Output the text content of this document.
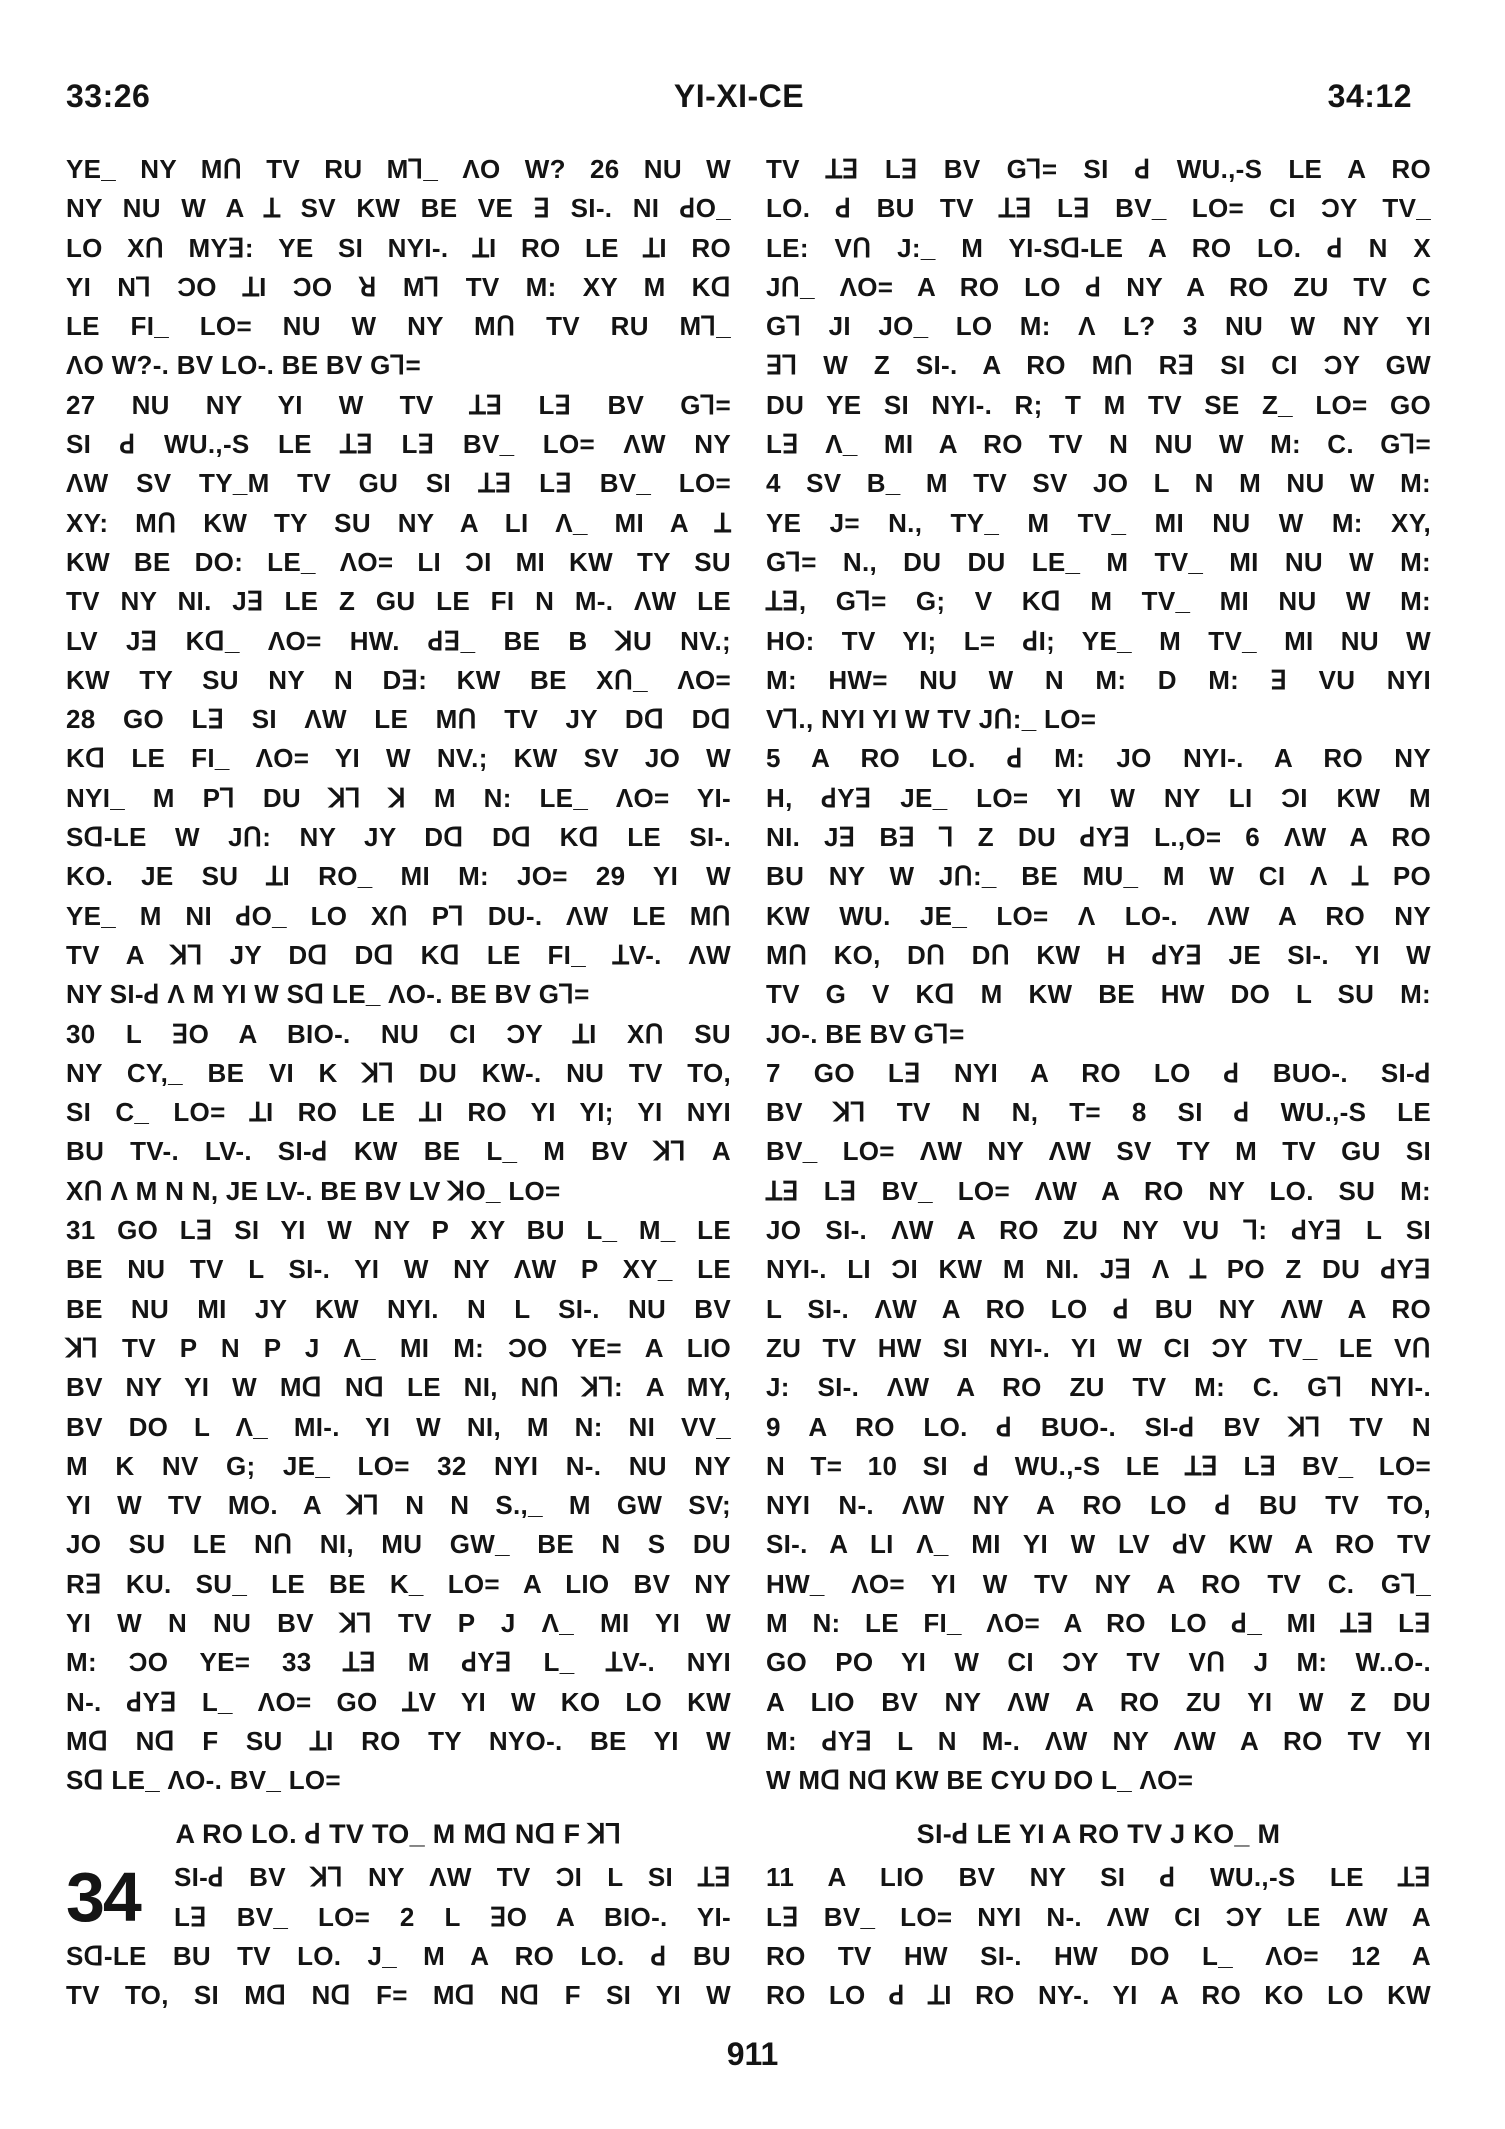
33:26	YI-XI-CE	34:12
YE_ NY MՈ TV RU Mꓶ_ ΛO W? 26 NU W
NY NU W A ꓕ SV KW BE VE ꓱ SI-. NI ꓒO_
LO XՈ MYꓱ: YE SI NYI-. ꓕI RO LE ꓕI RO
YI Nꓶ ϽO ꓕI ϽO ꓤ Mꓶ TV M: XY M Kꓷ
LE FI_ LO= NU W NY MՈ TV RU Mꓶ_
ΛO W?-. BV LO-. BE BV Gꓶ=
27 NU NY YI W TV ꓕꓱ Lꓱ BV Gꓶ=
SI ꓒ WU.,-S LE ꓕꓱ Lꓱ BV_ LO= ΛW NY
ΛW SV TY_M TV GU SI ꓕꓱ Lꓱ BV_ LO=
XY: MՈ KW TY SU NY A LI Λ_ MI A ꓕ
KW BE DO: LE_ ΛO= LI ϽI MI KW TY SU
TV NY NI. Jꓱ LE Z GU LE FI N M-. ΛW LE
LV Jꓱ Kꓷ_ ΛO= HW. ꓒꓱ_ BE B ꓘU NV.;
KW TY SU NY N Dꓱ: KW BE XՈ_ ΛO=
28 GO Lꓱ SI ΛW LE MՈ TV JY Dꓷ Dꓷ
Kꓷ LE FI_ ΛO= YI W NV.; KW SV JO W
NYI_ M Pꓶ DU ꓘꓶ ꓘ M N: LE_ ΛO= YI-
Sꓷ-LE W JՈ: NY JY Dꓷ Dꓷ Kꓷ LE SI-.
KO. JE SU ꓕI RO_ MI M: JO= 29 YI W
YE_ M NI ꓒO_ LO XՈ Pꓶ DU-. ΛW LE MՈ
TV A ꓘꓶ JY Dꓷ Dꓷ Kꓷ LE FI_ ꓕV-. ΛW
NY SI-ꓒ Λ M YI W Sꓷ LE_ ΛO-. BE BV Gꓶ=
30 L ꓱO A BIO-. NU CI ϽY ꓕI XՈ SU
NY CY,_ BE VI K ꓘꓶ DU KW-. NU TV TO,
SI C_ LO= ꓕI RO LE ꓕI RO YI YI; YI NYI
BU TV-. LV-. SI-ꓒ KW BE L_ M BV ꓘꓶ A
XՈ Λ M N N, JE LV-. BE BV LV ꓘO_ LO=
31 GO Lꓱ SI YI W NY P XY BU L_ M_ LE
BE NU TV L SI-. YI W NY ΛW P XY_ LE
BE NU MI JY KW NYI. N L SI-. NU BV
ꓘꓶ TV P N P J Λ_ MI M: ϽO YE= A LIO
BV NY YI W Mꓷ Nꓷ LE NI, NՈ ꓘꓶ: A MY,
BV DO L Λ_ MI-. YI W NI, M N: NI VV_
M K NV G; JE_ LO= 32 NYI N-. NU NY
YI W TV MO. A ꓘꓶ N N S.,_ M GW SV;
JO SU LE NՈ NI, MU GW_ BE N S DU
Rꓱ KU. SU_ LE BE K_ LO= A LIO BV NY
YI W N NU BV ꓘꓶ TV P J Λ_ MI YI W
M: ϽO YE= 33 ꓕꓱ M ꓒYꓱ L_ ꓕV-. NYI
N-. ꓒYꓱ L_ ΛO= GO ꓕV YI W KO LO KW
Mꓷ Nꓷ F SU ꓕI RO TY NYO-. BE YI W
Sꓷ LE_ ΛO-. BV_ LO=
A RO LO. ꓒ TV TO_ M Mꓷ Nꓷ F ꓘꓶ
34 SI-ꓒ BV ꓘꓶ NY ΛW TV ϽI L SI ꓕꓱ
Lꓱ BV_ LO= 2 L ꓱO A BIO-. YI-
Sꓷ-LE BU TV LO. J_ M A RO LO. ꓒ BU
TV TO, SI Mꓷ Nꓷ F= Mꓷ Nꓷ F SI YI W
TV ꓕꓱ Lꓱ BV Gꓶ= SI ꓒ WU.,-S LE A RO
LO. ꓒ BU TV ꓕꓱ Lꓱ BV_ LO= CI ϽY TV_
LE: VՈ J:_ M YI-Sꓷ-LE A RO LO. ꓒ N X
JՈ_ ΛO= A RO LO ꓒ NY A RO ZU TV C
Gꓶ JI JO_ LO M: Λ L? 3 NU W NY YI
ꓱꓶ W Z SI-. A RO MՈ Rꓱ SI CI ϽY GW
DU YE SI NYI-. R; T M TV SE Z_ LO= GO
Lꓱ Λ_ MI A RO TV N NU W M: C. Gꓶ=
4 SV B_ M TV SV JO L N M NU W M:
YE J= N., TY_ M TV_ MI NU W M: XY,
Gꓶ= N., DU DU LE_ M TV_ MI NU W M:
ꓕꓱ, Gꓶ= G; V Kꓷ M TV_ MI NU W M:
HO: TV YI; L= ꓒI; YE_ M TV_ MI NU W
M: HW= NU W N M: D M: ꓱ VU NYI
Vꓶ., NYI YI W TV JՈ:_ LO=
5 A RO LO. ꓒ M: JO NYI-. A RO NY
H, ꓒYꓱ JE_ LO= YI W NY LI ϽI KW M
NI. Jꓱ Bꓱ ꓶ Z DU ꓒYꓱ L.,O= 6 ΛW A RO
BU NY W JՈ:_ BE MU_ M W CI Λ ꓕ PO
KW WU. JE_ LO= Λ LO-. ΛW A RO NY
MՈ KO, DՈ DՈ KW H ꓒYꓱ JE SI-. YI W
TV G V Kꓷ M KW BE HW DO L SU M:
JO-. BE BV Gꓶ=
7 GO Lꓱ NYI A RO LO ꓒ BUO-. SI-ꓒ
BV ꓘꓶ TV N N, T= 8 SI ꓒ WU.,-S LE
BV_ LO= ΛW NY ΛW SV TY M TV GU SI
ꓕꓱ Lꓱ BV_ LO= ΛW A RO NY LO. SU M:
JO SI-. ΛW A RO ZU NY VU ꓶ: ꓒYꓱ L SI
NYI-. LI ϽI KW M NI. Jꓱ Λ ꓕ PO Z DU ꓒYꓱ
L SI-. ΛW A RO LO ꓒ BU NY ΛW A RO
ZU TV HW SI NYI-. YI W CI ϽY TV_ LE VՈ
J: SI-. ΛW A RO ZU TV M: C. Gꓶ NYI-.
9 A RO LO. ꓒ BUO-. SI-ꓒ BV ꓘꓶ TV N
N T= 10 SI ꓒ WU.,-S LE ꓕꓱ Lꓱ BV_ LO=
NYI N-. ΛW NY A RO LO ꓒ BU TV TO,
SI-. A LI Λ_ MI YI W LV ꓒV KW A RO TV
HW_ ΛO= YI W TV NY A RO TV C. Gꓶ_
M N: LE FI_ ΛO= A RO LO ꓒ_ MI ꓕꓱ Lꓱ
GO PO YI W CI ϽY TV VՈ J M: W..O-.
A LIO BV NY ΛW A RO ZU YI W Z DU
M: ꓒYꓱ L N M-. ΛW NY ΛW A RO TV YI
W Mꓷ Nꓷ KW BE CYU DO L_ ΛO=
SI-ꓒ LE YI A RO TV J KO_ M
11 A LIO BV NY SI ꓒ WU.,-S LE ꓕꓱ
Lꓱ BV_ LO= NYI N-. ΛW CI ϽY LE ΛW A
RO TV HW SI-. HW DO L_ ΛO= 12 A
RO LO ꓒ ꓕI RO NY-. YI A RO KO LO KW
911
